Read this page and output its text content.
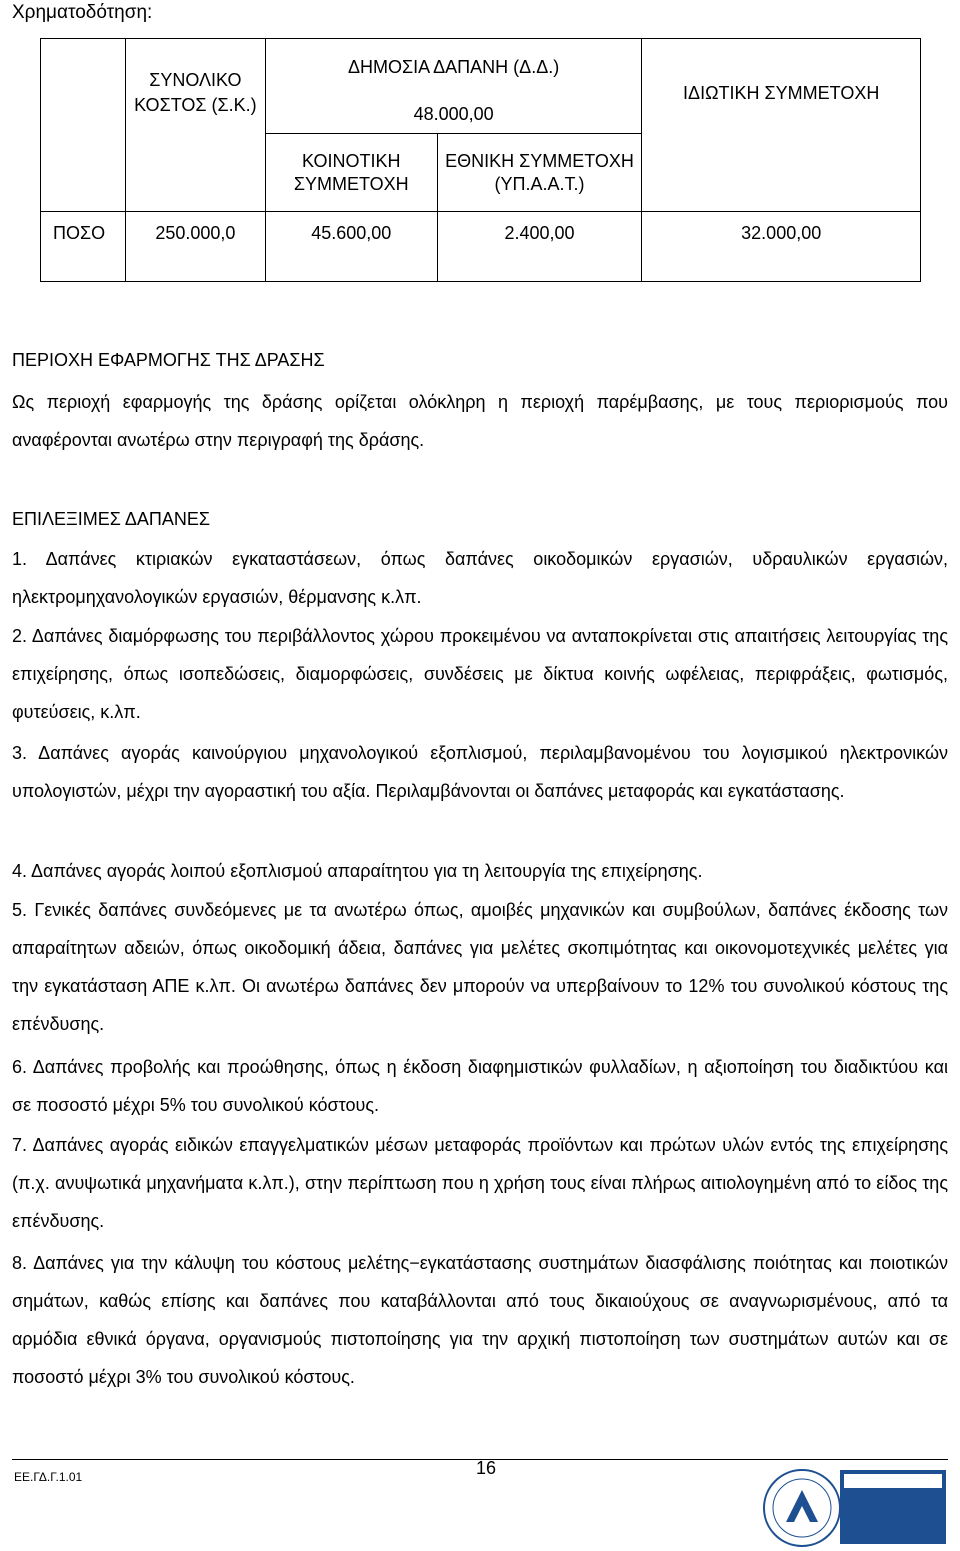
Χρηματοδότηση:
	ΣΥΝΟΛΙΚΟ ΚΟΣΤΟΣ (Σ.Κ.)	ΔΗΜΟΣΙΑ ΔΑΠΑΝΗ (Δ.Δ.)		ΙΔΙΩΤΙΚΗ ΣΥΜΜΕΤΟΧΗ
		48.000,00		
		ΚΟΙΝΟΤΙΚΗ ΣΥΜΜΕΤΟΧΗ	ΕΘΝΙΚΗ ΣΥΜΜΕΤΟΧΗ (ΥΠ.Α.Α.Τ.)	
ΠΟΣΟ	250.000,0	45.600,00	2.400,00	32.000,00
ΠΕΡΙΟΧΗ ΕΦΑΡΜΟΓΗΣ ΤΗΣ ΔΡΑΣΗΣ
Ως περιοχή εφαρμογής της δράσης ορίζεται ολόκληρη η περιοχή παρέμβασης, με τους περιορισμούς που αναφέρονται ανωτέρω στην περιγραφή της δράσης.
ΕΠΙΛΕΞΙΜΕΣ ΔΑΠΑΝΕΣ
1. Δαπάνες κτιριακών εγκαταστάσεων, όπως δαπάνες οικοδομικών εργασιών, υδραυλικών εργασιών, ηλεκτρομηχανολογικών εργασιών, θέρμανσης κ.λπ.
2. Δαπάνες διαμόρφωσης του περιβάλλοντος χώρου προκειμένου να ανταποκρίνεται στις απαιτήσεις λειτουργίας της επιχείρησης, όπως ισοπεδώσεις, διαμορφώσεις, συνδέσεις με δίκτυα κοινής ωφέλειας, περιφράξεις, φωτισμός, φυτεύσεις, κ.λπ.
3. Δαπάνες αγοράς καινούργιου μηχανολογικού εξοπλισμού, περιλαμβανομένου του λογισμικού ηλεκτρονικών υπολογιστών, μέχρι την αγοραστική του αξία. Περιλαμβάνονται οι δαπάνες μεταφοράς και εγκατάστασης.
4. Δαπάνες αγοράς λοιπού εξοπλισμού απαραίτητου για τη λειτουργία της επιχείρησης.
5. Γενικές δαπάνες συνδεόμενες με τα ανωτέρω όπως, αμοιβές μηχανικών και συμβούλων, δαπάνες έκδοσης των απαραίτητων αδειών, όπως οικοδομική άδεια, δαπάνες για μελέτες σκοπιμότητας και οικονομοτεχνικές μελέτες για την εγκατάσταση ΑΠΕ κ.λπ. Οι ανωτέρω δαπάνες δεν μπορούν να υπερβαίνουν το 12% του συνολικού κόστους της επένδυσης.
6. Δαπάνες προβολής και προώθησης, όπως η έκδοση διαφημιστικών φυλλαδίων, η αξιοποίηση του διαδικτύου και σε ποσοστό μέχρι 5% του συνολικού κόστους.
7. Δαπάνες αγοράς ειδικών επαγγελματικών μέσων μεταφοράς προϊόντων και πρώτων υλών εντός της επιχείρησης (π.χ. ανυψωτικά μηχανήματα κ.λπ.), στην περίπτωση που η χρήση τους είναι πλήρως αιτιολογημένη από το είδος της επένδυσης.
8. Δαπάνες για την κάλυψη του κόστους μελέτης−εγκατάστασης συστημάτων διασφάλισης ποιότητας και ποιοτικών σημάτων, καθώς επίσης και δαπάνες που καταβάλλονται από τους δικαιούχους σε αναγνωρισμένους, από τα αρμόδια εθνικά όργανα, οργανισμούς πιστοποίησης για την αρχική πιστοποίηση των συστημάτων αυτών και σε ποσοστό μέχρι 3% του συνολικού κόστους.
ΕΕ.ΓΔ.Γ.1.01	16
